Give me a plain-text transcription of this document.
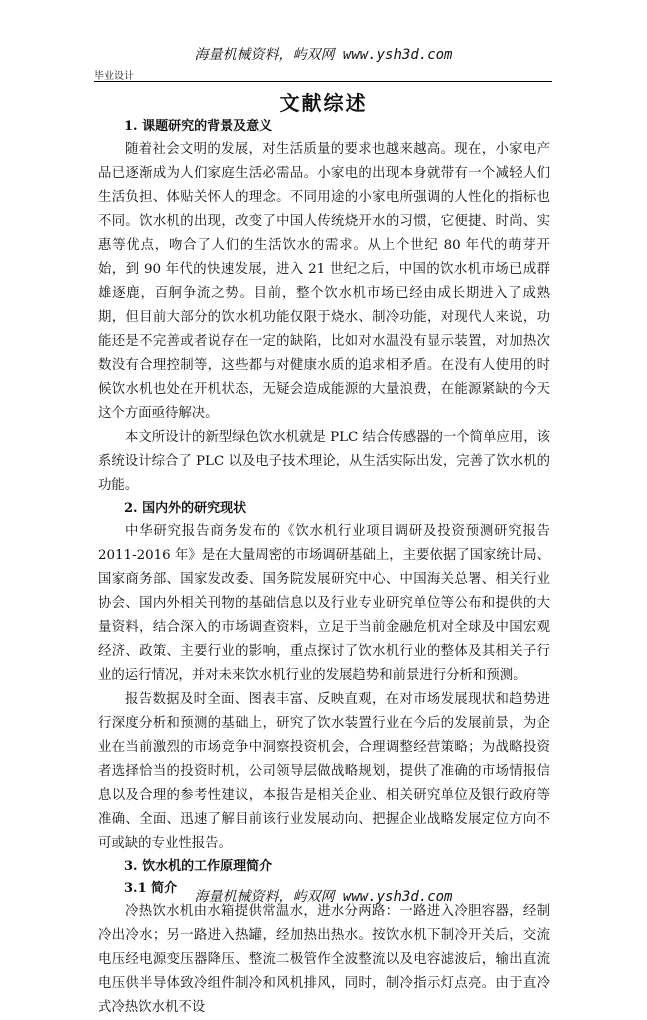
海量机械资料，屿双网 www.ysh3d.com
毕业设计
文献综述
1. 课题研究的背景及意义

随着社会文明的发展，对生活质量的要求也越来越高。现在，小家电产品已逐渐成为人们家庭生活必需品。小家电的出现本身就带有一个减轻人们生活负担、体贴关怀人的理念。不同用途的小家电所强调的人性化的指标也不同。饮水机的出现，改变了中国人传统烧开水的习惯，它便捷、时尚、实惠等优点，吻合了人们的生活饮水的需求。从上个世纪 80 年代的萌芽开始，到 90 年代的快速发展，进入 21 世纪之后，中国的饮水机市场已成群雄逐鹿，百舸争流之势。目前，整个饮水机市场已经由成长期进入了成熟期，但目前大部分的饮水机功能仅限于烧水、制冷功能，对现代人来说，功能还是不完善或者说存在一定的缺陷，比如对水温没有显示装置，对加热次数没有合理控制等，这些都与对健康水质的追求相矛盾。在没有人使用的时候饮水机也处在开机状态，无疑会造成能源的大量浪费，在能源紧缺的今天这个方面亟待解决。

本文所设计的新型绿色饮水机就是 PLC 结合传感器的一个简单应用，该系统设计综合了 PLC 以及电子技术理论，从生活实际出发，完善了饮水机的功能。

2. 国内外的研究现状

中华研究报告商务发布的《饮水机行业项目调研及投资预测研究报告 2011-2016 年》是在大量周密的市场调研基础上，主要依据了国家统计局、国家商务部、国家发改委、国务院发展研究中心、中国海关总署、相关行业协会、国内外相关刊物的基础信息以及行业专业研究单位等公布和提供的大量资料，结合深入的市场调查资料，立足于当前金融危机对全球及中国宏观经济、政策、主要行业的影响，重点探讨了饮水机行业的整体及其相关子行业的运行情况，并对未来饮水机行业的发展趋势和前景进行分析和预测。

报告数据及时全面、图表丰富、反映直观，在对市场发展现状和趋势进行深度分析和预测的基础上，研究了饮水装置行业在今后的发展前景，为企业在当前激烈的市场竞争中洞察投资机会，合理调整经营策略；为战略投资者选择恰当的投资时机，公司领导层做战略规划，提供了准确的市场情报信息以及合理的参考性建议，本报告是相关企业、相关研究单位及银行政府等准确、全面、迅速了解目前该行业发展动向、把握企业战略发展定位方向不可或缺的专业性报告。

3. 饮水机的工作原理简介
3.1 简介

冷热饮水机由水箱提供常温水，进水分两路：一路进入冷胆容器，经制冷出冷水；另一路进入热罐，经加热出热水。按饮水机下制冷开关后，交流电压经电源变压器降压、整流二极管作全波整流以及电容滤波后，输出直流电压供半导体致冷组件制冷和风机排风，同时，制冷指示灯点亮。由于直冷式冷热饮水机不设

海量机械资料，屿双网 www.ysh3d.com
